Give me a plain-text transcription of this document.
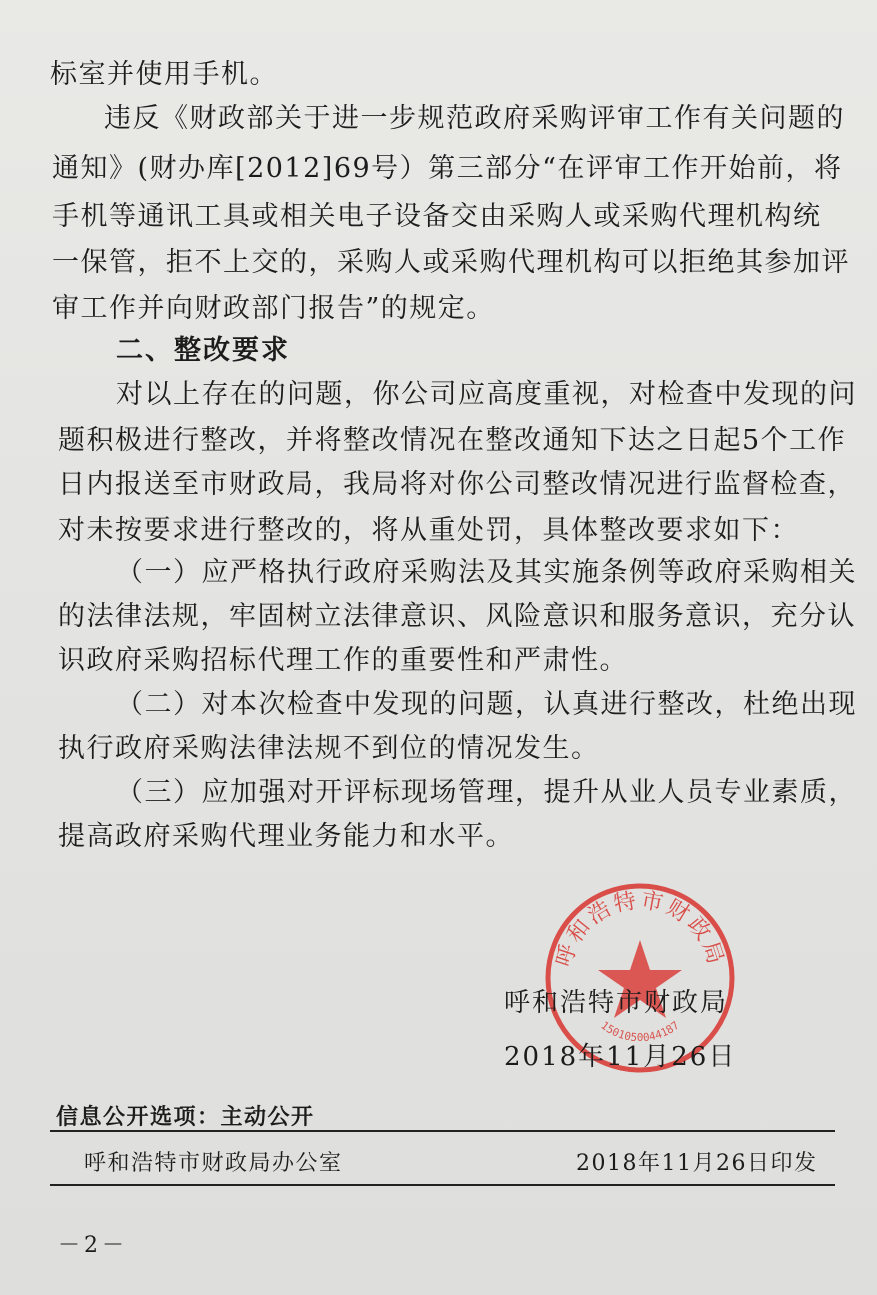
标室并使用手机。
违反《财政部关于进一步规范政府采购评审工作有关问题的
通知》(财办库[2012]69号）第三部分“在评审工作开始前，将
手机等通讯工具或相关电子设备交由采购人或采购代理机构统
一保管，拒不上交的，采购人或采购代理机构可以拒绝其参加评
审工作并向财政部门报告”的规定。
二、整改要求
对以上存在的问题，你公司应高度重视，对检查中发现的问
题积极进行整改，并将整改情况在整改通知下达之日起5个工作
日内报送至市财政局，我局将对你公司整改情况进行监督检查，
对未按要求进行整改的，将从重处罚，具体整改要求如下：
（一）应严格执行政府采购法及其实施条例等政府采购相关
的法律法规，牢固树立法律意识、风险意识和服务意识，充分认
识政府采购招标代理工作的重要性和严肃性。
（二）对本次检查中发现的问题，认真进行整改，杜绝出现
执行政府采购法律法规不到位的情况发生。
（三）应加强对开评标现场管理，提升从业人员专业素质，
提高政府采购代理业务能力和水平。
呼和浩特市财政局
1501050044187
呼和浩特市财政局
2018年11月26日
信息公开选项：主动公开
呼和浩特市财政局办公室	2018年11月26日印发
－2－
